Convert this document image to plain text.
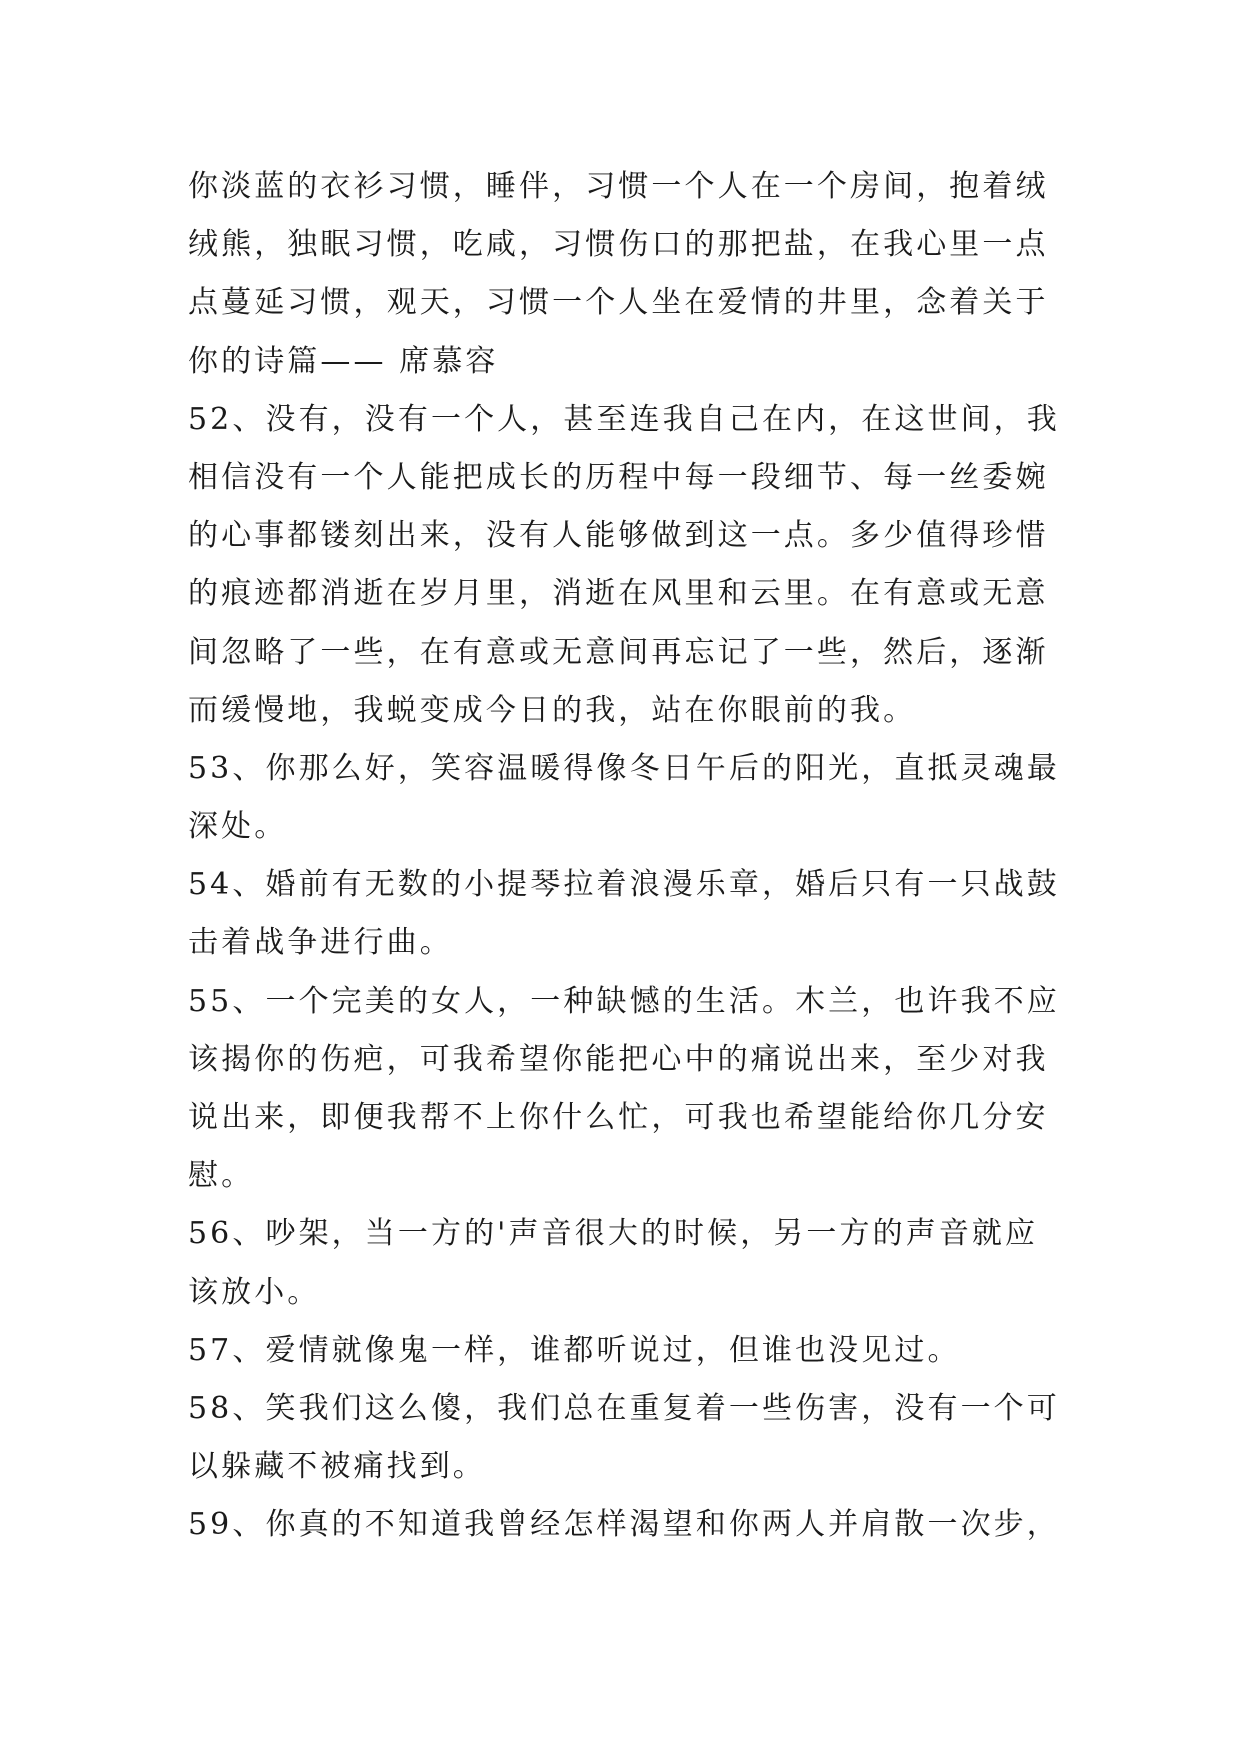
你淡蓝的衣衫习惯，睡伴，习惯一个人在一个房间，抱着绒
绒熊，独眠习惯，吃咸，习惯伤口的那把盐，在我心里一点
点蔓延习惯，观天，习惯一个人坐在爱情的井里，念着关于
你的诗篇—— 席慕容
52、没有，没有一个人，甚至连我自己在内，在这世间，我
相信没有一个人能把成长的历程中每一段细节、每一丝委婉
的心事都镂刻出来，没有人能够做到这一点。多少值得珍惜
的痕迹都消逝在岁月里，消逝在风里和云里。在有意或无意
间忽略了一些，在有意或无意间再忘记了一些，然后，逐渐
而缓慢地，我蜕变成今日的我，站在你眼前的我。
53、你那么好，笑容温暖得像冬日午后的阳光，直抵灵魂最
深处。
54、婚前有无数的小提琴拉着浪漫乐章，婚后只有一只战鼓
击着战争进行曲。
55、一个完美的女人，一种缺憾的生活。木兰，也许我不应
该揭你的伤疤，可我希望你能把心中的痛说出来，至少对我
说出来，即便我帮不上你什么忙，可我也希望能给你几分安
慰。
56、吵架，当一方的'声音很大的时候，另一方的声音就应
该放小。
57、爱情就像鬼一样，谁都听说过，但谁也没见过。
58、笑我们这么傻，我们总在重复着一些伤害，没有一个可
以躲藏不被痛找到。
59、你真的不知道我曾经怎样渴望和你两人并肩散一次步，
